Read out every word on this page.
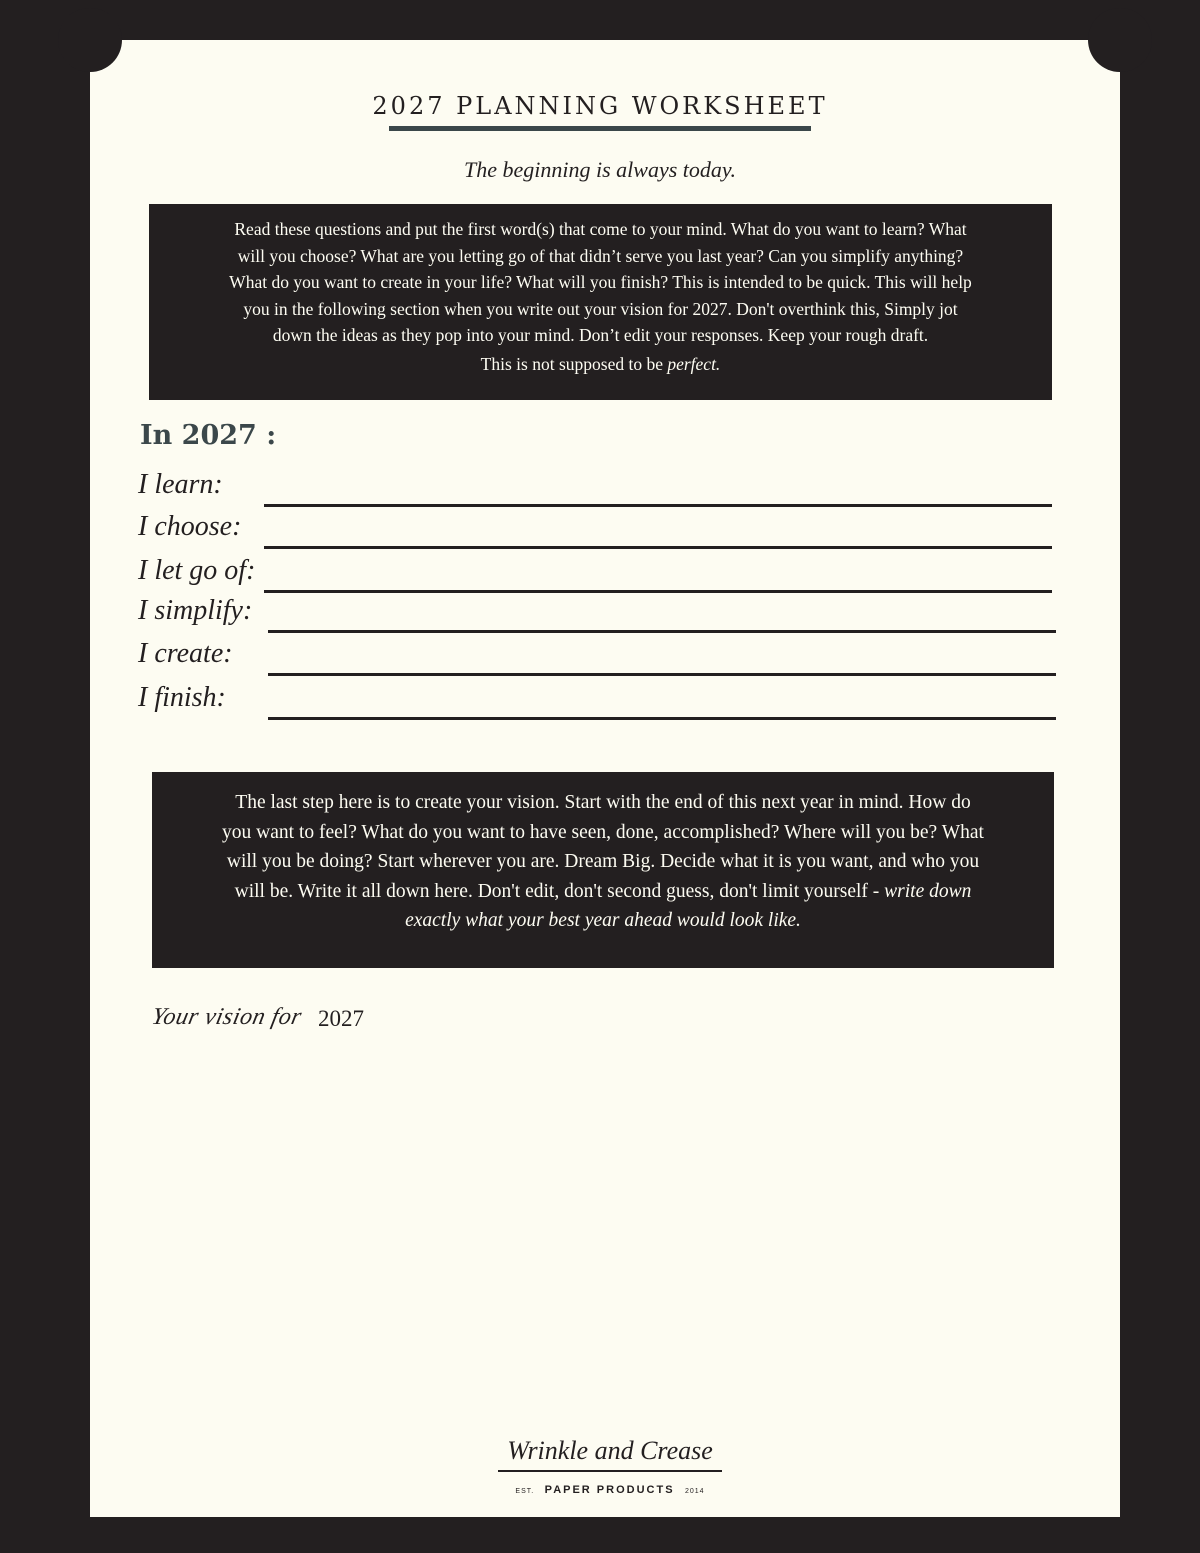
2027 PLANNING WORKSHEET
The beginning is always today.
Read these questions and put the first word(s) that come to your mind. What do you want to learn? What
will you choose? What are you letting go of that didn’t serve you last year? Can you simplify anything?
What do you want to create in your life? What will you finish? This is intended to be quick. This will help
you in the following section when you write out your vision for 2027. Don't overthink this, Simply jot
down the ideas as they pop into your mind. Don’t edit your responses. Keep your rough draft.
This is not supposed to be perfect.
In 2027 :
I learn:
I choose:
I let go of:
I simplify:
I create:
I finish:
The last step here is to create your vision. Start with the end of this next year in mind. How do
you want to feel? What do you want to have seen, done, accomplished? Where will you be? What
will you be doing? Start wherever you are. Dream Big. Decide what it is you want, and who you
will be. Write it all down here. Don't edit, don't second guess, don't limit yourself - write down
exactly what your best year ahead would look like.
Your vision for 2027
Wrinkle and Crease
EST. PAPER PRODUCTS 2014
